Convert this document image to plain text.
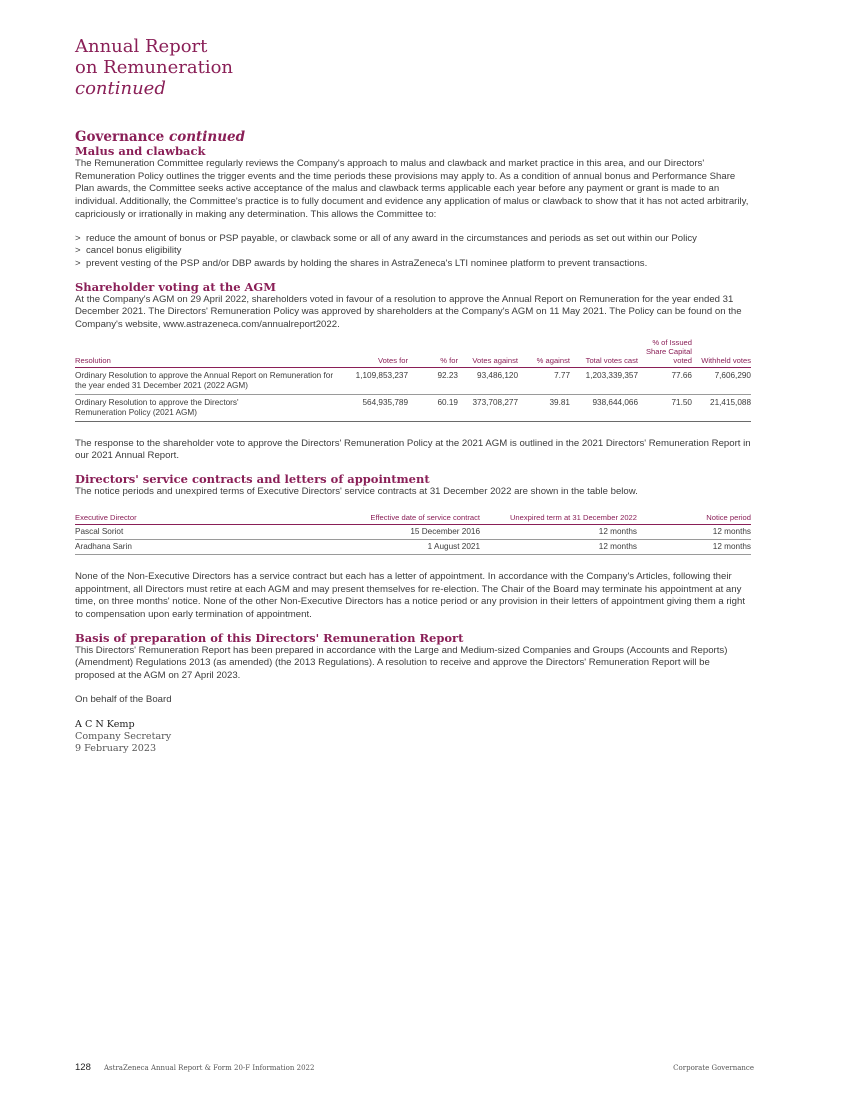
Annual Report
on Remuneration
continued
Governance continued
Malus and clawback

The Remuneration Committee regularly reviews the Company's approach to malus and clawback and market practice in this area, and our Directors' Remuneration Policy outlines the trigger events and the time periods these provisions may apply to. As a condition of annual bonus and Performance Share Plan awards, the Committee seeks active acceptance of the malus and clawback terms applicable each year before any payment or grant is made to an individual. Additionally, the Committee's practice is to fully document and evidence any application of malus or clawback to show that it has not acted arbitrarily, capriciously or irrationally in making any determination. This allows the Committee to:

> reduce the amount of bonus or PSP payable, or clawback some or all of any award in the circumstances and periods as set out within our Policy
> cancel bonus eligibility
> prevent vesting of the PSP and/or DBP awards by holding the shares in AstraZeneca's LTI nominee platform to prevent transactions.
Shareholder voting at the AGM

At the Company's AGM on 29 April 2022, shareholders voted in favour of a resolution to approve the Annual Report on Remuneration for the year ended 31 December 2021. The Directors' Remuneration Policy was approved by shareholders at the Company's AGM on 11 May 2021. The Policy can be found on the Company's website, www.astrazeneca.com/annualreport2022.

Resolution	Votes for	% for	Votes against	% against	Total votes cast	% of Issued Share Capital voted	Withheld votes
Ordinary Resolution to approve the Annual Report on Remuneration for the year ended 31 December 2021 (2022 AGM)	1,109,853,237	92.23	93,486,120	7.77	1,203,339,357	77.66	7,606,290
Ordinary Resolution to approve the Directors' Remuneration Policy (2021 AGM)	564,935,789	60.19	373,708,277	39.81	938,644,066	71.50	21,415,088

The response to the shareholder vote to approve the Directors' Remuneration Policy at the 2021 AGM is outlined in the 2021 Directors' Remuneration Report in our 2021 Annual Report.

Directors' service contracts and letters of appointment

The notice periods and unexpired terms of Executive Directors' service contracts at 31 December 2022 are shown in the table below.

Executive Director	Effective date of service contract	Unexpired term at 31 December 2022	Notice period
Pascal Soriot	15 December 2016	12 months	12 months
Aradhana Sarin	1 August 2021	12 months	12 months

None of the Non-Executive Directors has a service contract but each has a letter of appointment. In accordance with the Company's Articles, following their appointment, all Directors must retire at each AGM and may present themselves for re-election. The Chair of the Board may terminate his appointment at any time, on three months' notice. None of the other Non-Executive Directors has a notice period or any provision in their letters of appointment giving them a right to compensation upon early termination of appointment.

Basis of preparation of this Directors' Remuneration Report

This Directors' Remuneration Report has been prepared in accordance with the Large and Medium-sized Companies and Groups (Accounts and Reports) (Amendment) Regulations 2013 (as amended) (the 2013 Regulations). A resolution to receive and approve the Directors' Remuneration Report will be proposed at the AGM on 27 April 2023.

On behalf of the Board

A C N Kemp
Company Secretary
9 February 2023
128 AstraZeneca Annual Report & Form 20-F Information 2022	Corporate Governance
